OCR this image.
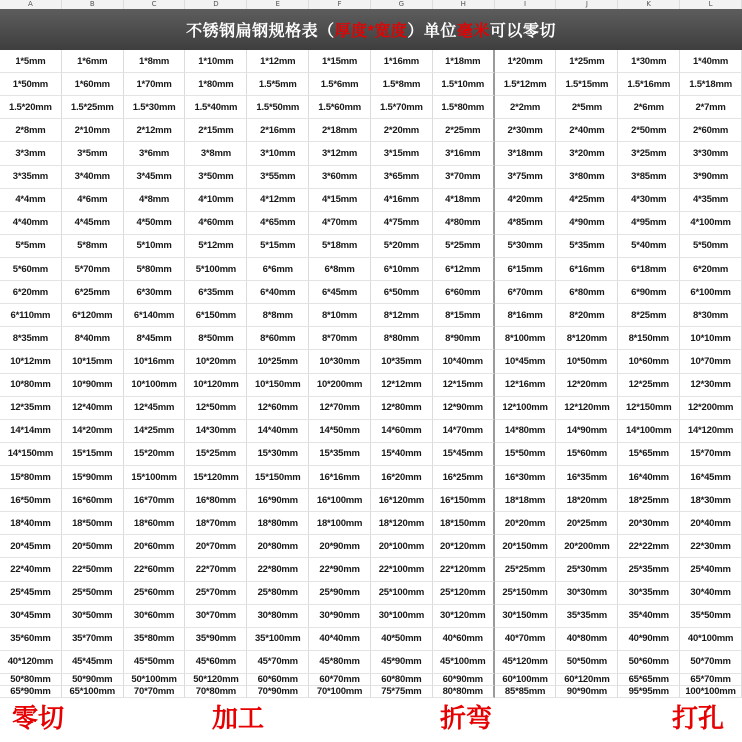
A	B	C	D	E	F	G	H	I	J	K	L
不锈钢扁钢规格表（ 厚度*宽度 ）单位 毫米 可以零切
1*5mm	1*6mm	1*8mm	1*10mm	1*12mm	1*15mm	1*16mm	1*18mm	1*20mm	1*25mm	1*30mm	1*40mm
1*50mm	1*60mm	1*70mm	1*80mm	1.5*5mm	1.5*6mm	1.5*8mm	1.5*10mm	1.5*12mm	1.5*15mm	1.5*16mm	1.5*18mm
1.5*20mm	1.5*25mm	1.5*30mm	1.5*40mm	1.5*50mm	1.5*60mm	1.5*70mm	1.5*80mm	2*2mm	2*5mm	2*6mm	2*7mm
2*8mm	2*10mm	2*12mm	2*15mm	2*16mm	2*18mm	2*20mm	2*25mm	2*30mm	2*40mm	2*50mm	2*60mm
3*3mm	3*5mm	3*6mm	3*8mm	3*10mm	3*12mm	3*15mm	3*16mm	3*18mm	3*20mm	3*25mm	3*30mm
3*35mm	3*40mm	3*45mm	3*50mm	3*55mm	3*60mm	3*65mm	3*70mm	3*75mm	3*80mm	3*85mm	3*90mm
4*4mm	4*6mm	4*8mm	4*10mm	4*12mm	4*15mm	4*16mm	4*18mm	4*20mm	4*25mm	4*30mm	4*35mm
4*40mm	4*45mm	4*50mm	4*60mm	4*65mm	4*70mm	4*75mm	4*80mm	4*85mm	4*90mm	4*95mm	4*100mm
5*5mm	5*8mm	5*10mm	5*12mm	5*15mm	5*18mm	5*20mm	5*25mm	5*30mm	5*35mm	5*40mm	5*50mm
5*60mm	5*70mm	5*80mm	5*100mm	6*6mm	6*8mm	6*10mm	6*12mm	6*15mm	6*16mm	6*18mm	6*20mm
6*20mm	6*25mm	6*30mm	6*35mm	6*40mm	6*45mm	6*50mm	6*60mm	6*70mm	6*80mm	6*90mm	6*100mm
6*110mm	6*120mm	6*140mm	6*150mm	8*8mm	8*10mm	8*12mm	8*15mm	8*16mm	8*20mm	8*25mm	8*30mm
8*35mm	8*40mm	8*45mm	8*50mm	8*60mm	8*70mm	8*80mm	8*90mm	8*100mm	8*120mm	8*150mm	10*10mm
10*12mm	10*15mm	10*16mm	10*20mm	10*25mm	10*30mm	10*35mm	10*40mm	10*45mm	10*50mm	10*60mm	10*70mm
10*80mm	10*90mm	10*100mm	10*120mm	10*150mm	10*200mm	12*12mm	12*15mm	12*16mm	12*20mm	12*25mm	12*30mm
12*35mm	12*40mm	12*45mm	12*50mm	12*60mm	12*70mm	12*80mm	12*90mm	12*100mm	12*120mm	12*150mm	12*200mm
14*14mm	14*20mm	14*25mm	14*30mm	14*40mm	14*50mm	14*60mm	14*70mm	14*80mm	14*90mm	14*100mm	14*120mm
14*150mm	15*15mm	15*20mm	15*25mm	15*30mm	15*35mm	15*40mm	15*45mm	15*50mm	15*60mm	15*65mm	15*70mm
15*80mm	15*90mm	15*100mm	15*120mm	15*150mm	16*16mm	16*20mm	16*25mm	16*30mm	16*35mm	16*40mm	16*45mm
16*50mm	16*60mm	16*70mm	16*80mm	16*90mm	16*100mm	16*120mm	16*150mm	18*18mm	18*20mm	18*25mm	18*30mm
18*40mm	18*50mm	18*60mm	18*70mm	18*80mm	18*100mm	18*120mm	18*150mm	20*20mm	20*25mm	20*30mm	20*40mm
20*45mm	20*50mm	20*60mm	20*70mm	20*80mm	20*90mm	20*100mm	20*120mm	20*150mm	20*200mm	22*22mm	22*30mm
22*40mm	22*50mm	22*60mm	22*70mm	22*80mm	22*90mm	22*100mm	22*120mm	25*25mm	25*30mm	25*35mm	25*40mm
25*45mm	25*50mm	25*60mm	25*70mm	25*80mm	25*90mm	25*100mm	25*120mm	25*150mm	30*30mm	30*35mm	30*40mm
30*45mm	30*50mm	30*60mm	30*70mm	30*80mm	30*90mm	30*100mm	30*120mm	30*150mm	35*35mm	35*40mm	35*50mm
35*60mm	35*70mm	35*80mm	35*90mm	35*100mm	40*40mm	40*50mm	40*60mm	40*70mm	40*80mm	40*90mm	40*100mm
40*120mm	45*45mm	45*50mm	45*60mm	45*70mm	45*80mm	45*90mm	45*100mm	45*120mm	50*50mm	50*60mm	50*70mm
50*80mm	50*90mm	50*100mm	50*120mm	60*60mm	60*70mm	60*80mm	60*90mm	60*100mm	60*120mm	65*65mm	65*70mm
65*90mm	65*100mm	70*70mm	70*80mm	70*90mm	70*100mm	75*75mm	80*80mm	85*85mm	90*90mm	95*95mm	100*100mm
零切	加工	折弯	打孔
